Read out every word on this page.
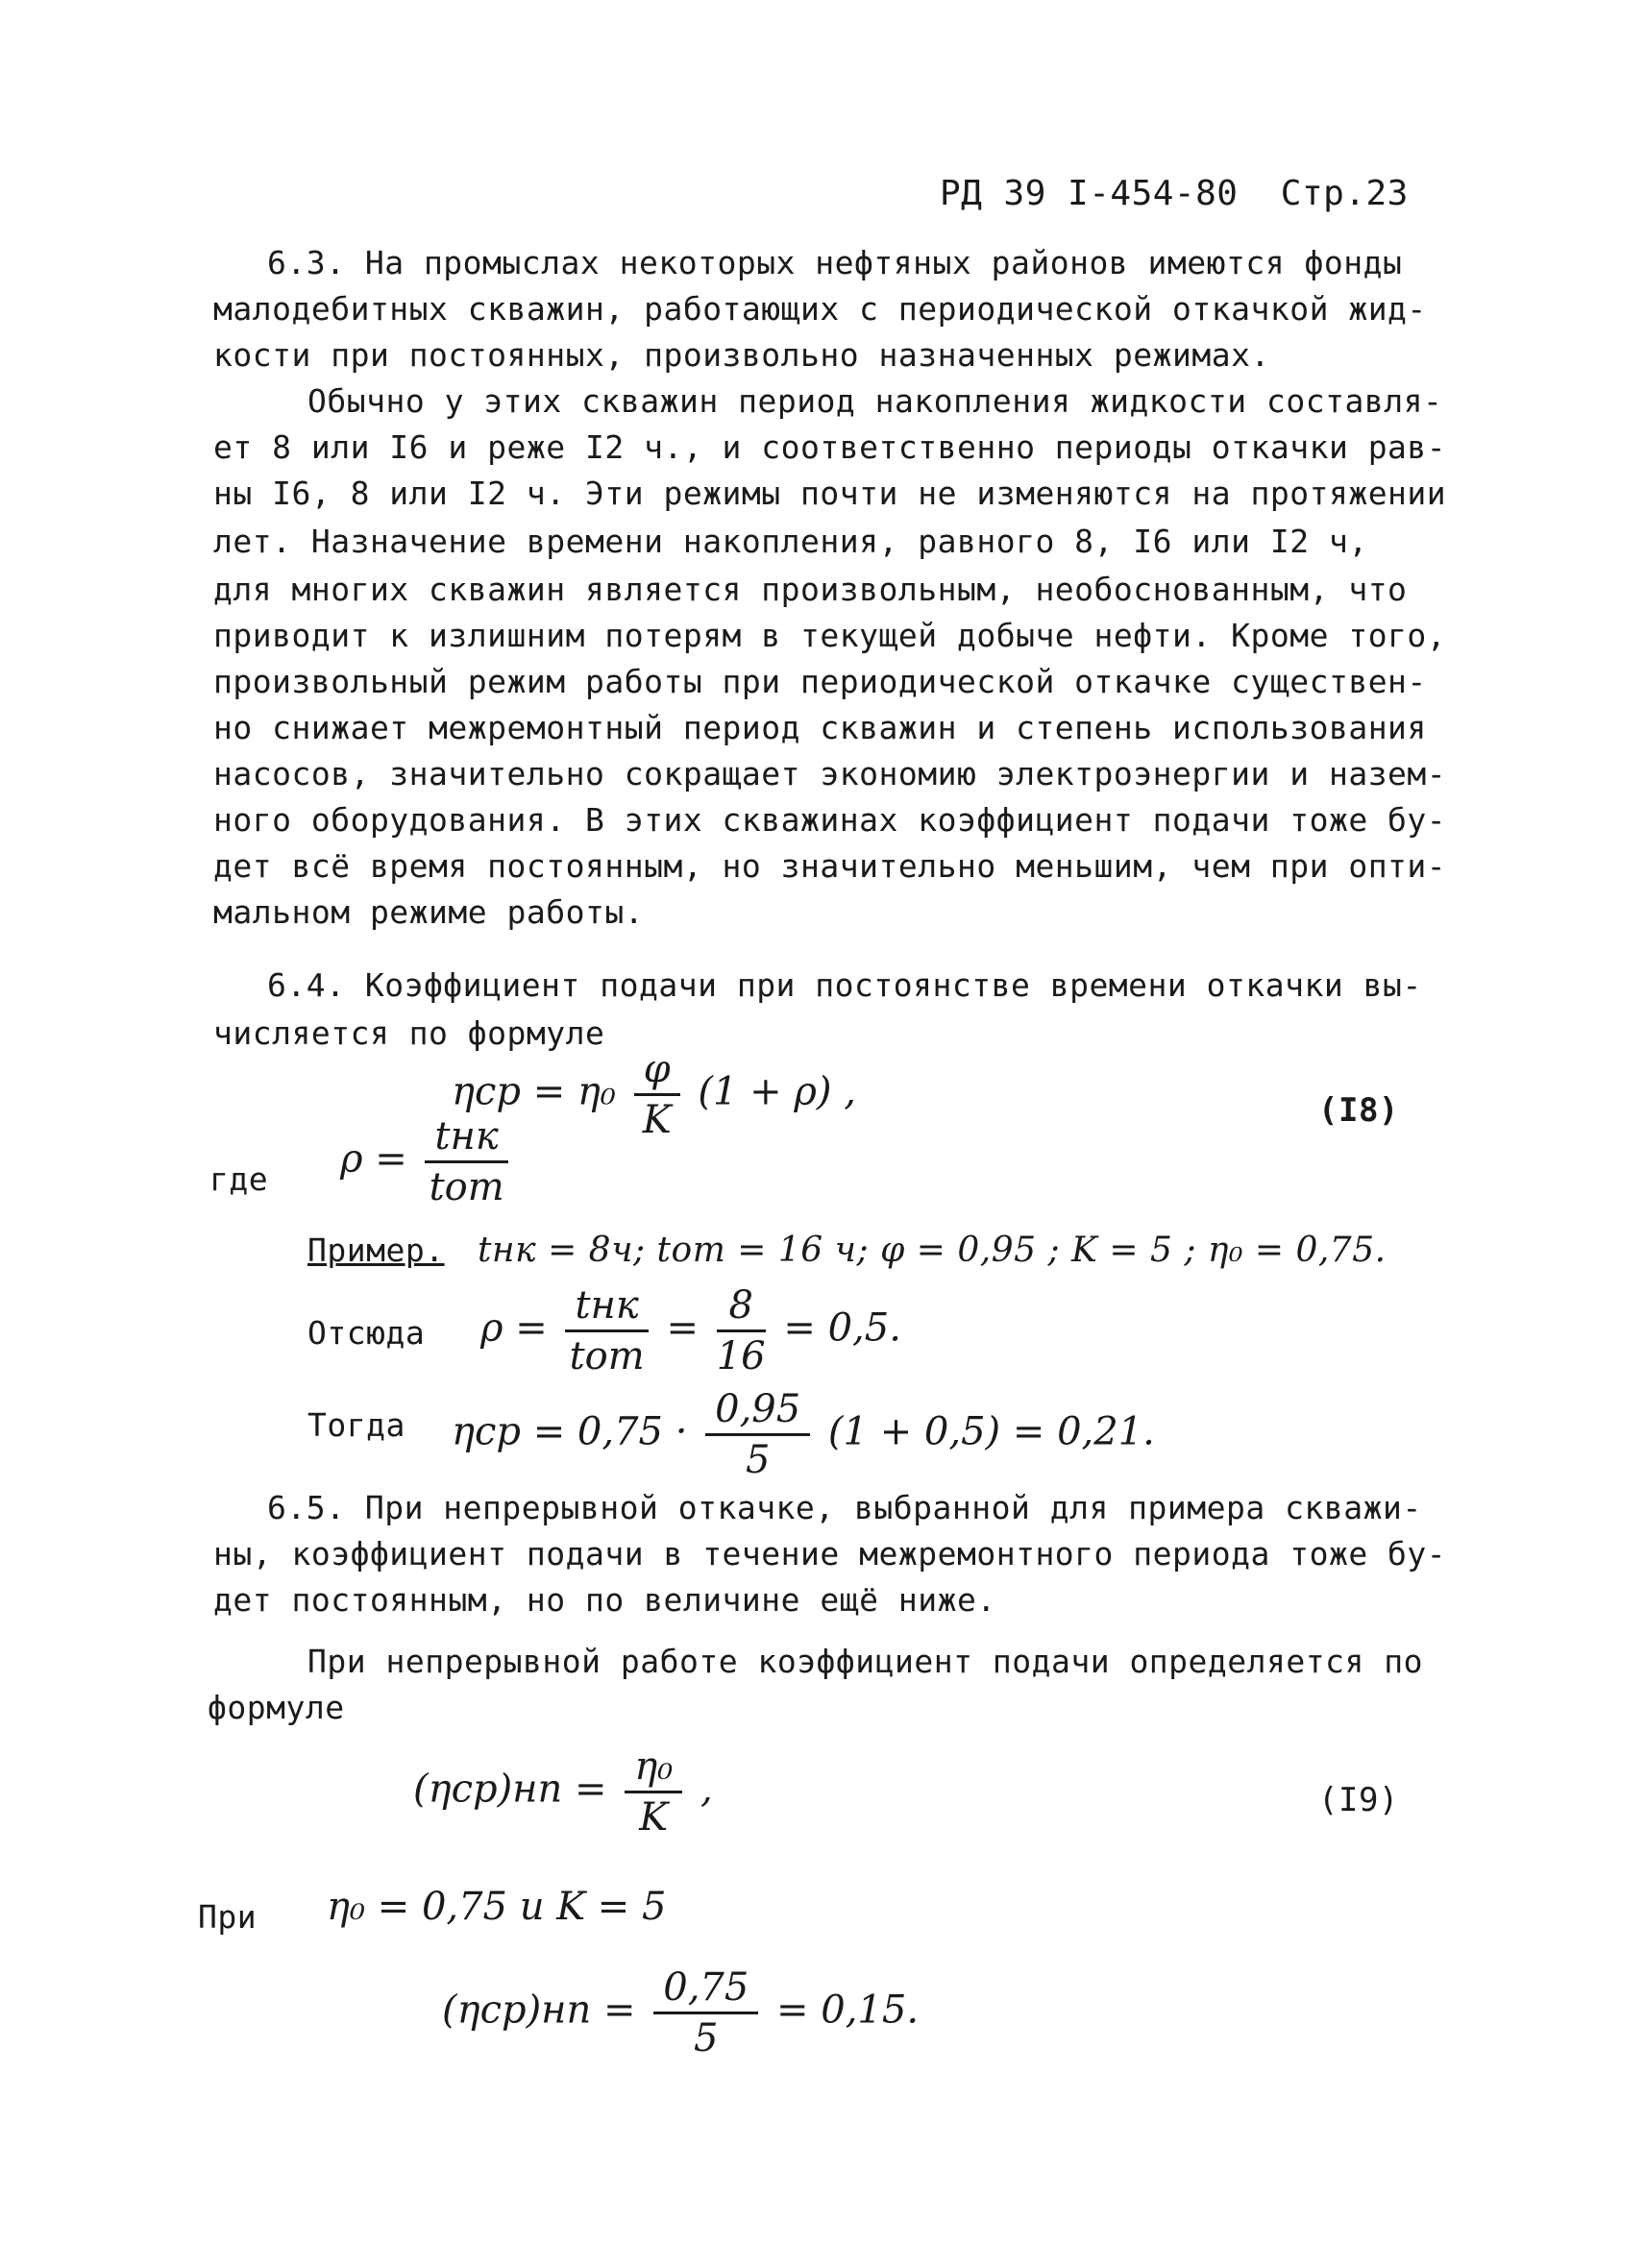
РД 39 I-454-80 Стр.23
6.3. На промыслах некоторых нефтяных районов имеются фонды
малодебитных скважин, работающих с периодической откачкой жид-
кости при постоянных, произвольно назначенных режимах.
Обычно у этих скважин период накопления жидкости составля-
ет 8 или I6 и реже I2 ч., и соответственно периоды откачки рав-
ны I6, 8 или I2 ч. Эти режимы почти не изменяются на протяжении
лет. Назначение времени накопления, равного 8, I6 или I2 ч,
для многих скважин является произвольным, необоснованным, что
приводит к излишним потерям в текущей добыче нефти. Кроме того,
произвольный режим работы при периодической откачке существен-
но снижает межремонтный период скважин и степень использования
насосов, значительно сокращает экономию электроэнергии и назем-
ного оборудования. В этих скважинах коэффициент подачи тоже бу-
дет всё время постоянным, но значительно меньшим, чем при опти-
мальном режиме работы.
6.4. Коэффициент подачи при постоянстве времени откачки вы-
числяется по формуле
$\eta ср = \eta_0 \frac{\varphi}{K} (1 + \rho)$ ,	(I8)
где $\rho = \frac{\text{tнк}}{\text{tот}}$
Пример. tнк = 8ч; tот = 16 ч; φ = 0,95 ; K = 5 ; η₀ = 0,75.
Отсюда $\rho = \frac{\text{tнк}}{\text{tот}} = \frac{8}{16} = 0,5$.
Тогда $\eta ср = 0,75 \cdot \frac{0,95}{5} (1 + 0,5) = 0,21$.
6.5. При непрерывной откачке, выбранной для примера скважи-
ны, коэффициент подачи в течение межремонтного периода тоже бу-
дет постоянным, но по величине ещё ниже.
При непрерывной работе коэффициент подачи определяется по
формуле
$(\eta ср)нп = \frac{\text{η₀}}{K}$ ,	(I9)
При η₀ = 0,75 и K = 5
$(\eta ср)нп = \frac{0,75}{5} = 0,15$.
